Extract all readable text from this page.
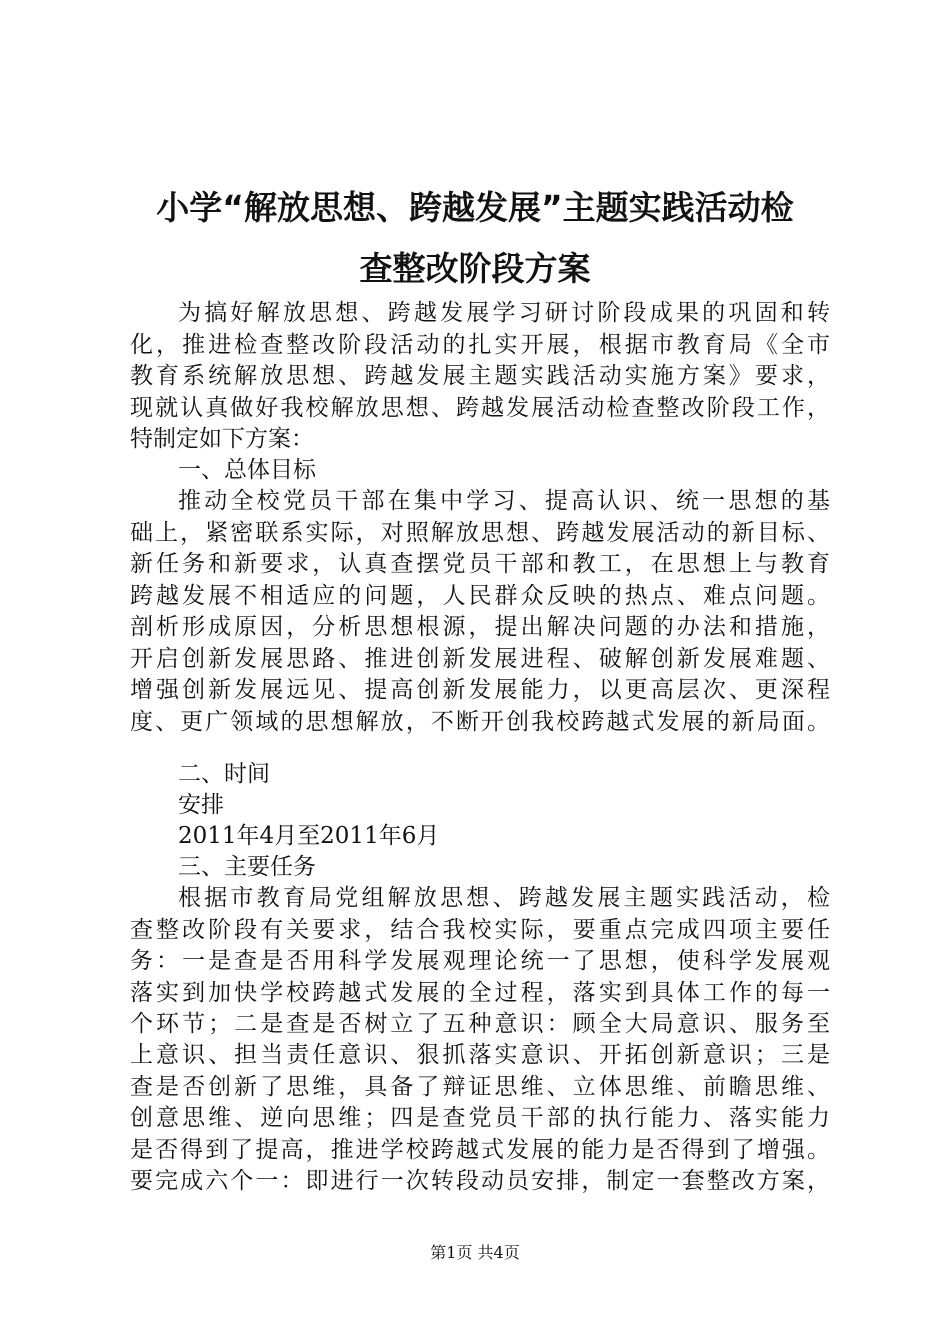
小学“解放思想、跨越发展”主题实践活动检
查整改阶段方案

为搞好解放思想、跨越发展学习研讨阶段成果的巩固和转

化，推进检查整改阶段活动的扎实开展，根据市教育局《全市

教育系统解放思想、跨越发展主题实践活动实施方案》要求，

现就认真做好我校解放思想、跨越发展活动检查整改阶段工作，

特制定如下方案：

一、总体目标

推动全校党员干部在集中学习、提高认识、统一思想的基

础上，紧密联系实际，对照解放思想、跨越发展活动的新目标、

新任务和新要求，认真查摆党员干部和教工，在思想上与教育

跨越发展不相适应的问题，人民群众反映的热点、难点问题。

剖析形成原因，分析思想根源，提出解决问题的办法和措施，

开启创新发展思路、推进创新发展进程、破解创新发展难题、

增强创新发展远见、提高创新发展能力，以更高层次、更深程

度、更广领域的思想解放，不断开创我校跨越式发展的新局面。

二、时间

安排

2011年4月至2011年6月

三、主要任务

根据市教育局党组解放思想、跨越发展主题实践活动，检

查整改阶段有关要求，结合我校实际，要重点完成四项主要任

务：一是查是否用科学发展观理论统一了思想，使科学发展观

落实到加快学校跨越式发展的全过程，落实到具体工作的每一

个环节；二是查是否树立了五种意识：顾全大局意识、服务至

上意识、担当责任意识、狠抓落实意识、开拓创新意识；三是

查是否创新了思维，具备了辩证思维、立体思维、前瞻思维、

创意思维、逆向思维；四是查党员干部的执行能力、落实能力

是否得到了提高，推进学校跨越式发展的能力是否得到了增强。

要完成六个一：即进行一次转段动员安排，制定一套整改方案，

第1页 共4页
